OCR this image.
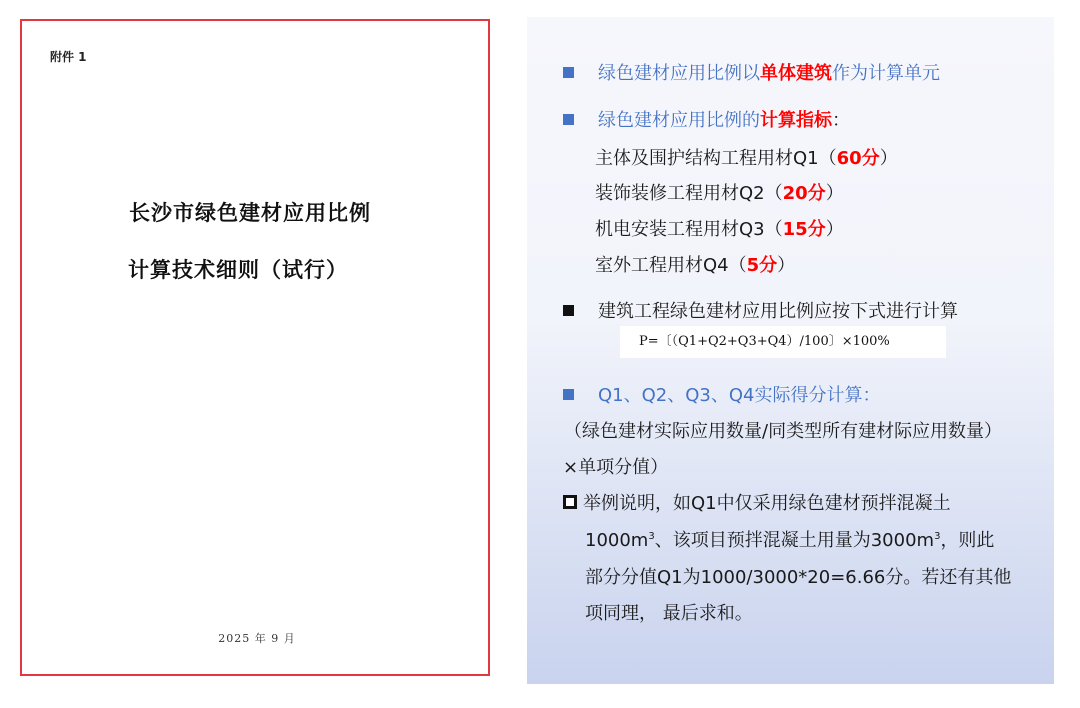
附件 1
长沙市绿色建材应用比例
计算技术细则（试行）
2025 年 9 月
绿色建材应用比例以单体建筑作为计算单元
绿色建材应用比例的计算指标：
主体及围护结构工程用材Q1（60分）
装饰装修工程用材Q2（20分）
机电安装工程用材Q3（15分）
室外工程用材Q4（5分）
建筑工程绿色建材应用比例应按下式进行计算
P=〔（Q1+Q2+Q3+Q4）/100〕×100%
Q1、Q2、Q3、Q4实际得分计算：
（绿色建材实际应用数量/同类型所有建材际应用数量）
×单项分值）
举例说明，如Q1中仅采用绿色建材预拌混凝土
$1000m^3$、该项目预拌混凝土用量为$3000m^3$，则此
部分分值Q1为1000/3000*20=6.66分。若还有其他
项同理， 最后求和。
